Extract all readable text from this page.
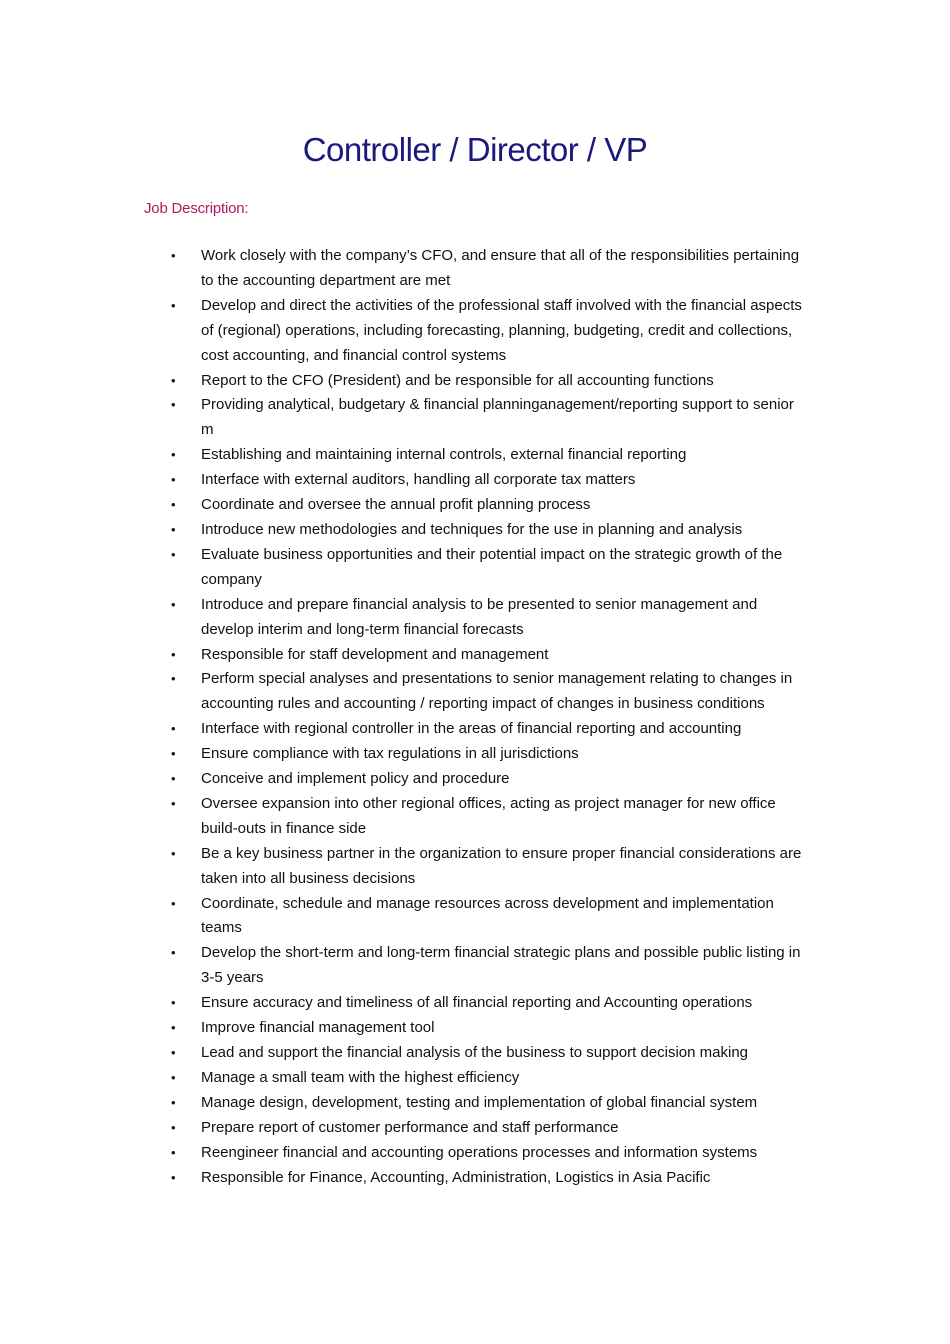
Controller / Director / VP
Job Description:
• Work closely with the company’s CFO, and ensure that all of the responsibilities pertaining to the accounting department are met
• Develop and direct the activities of the professional staff involved with the financial aspects of (regional) operations, including forecasting, planning, budgeting, credit and collections, cost accounting, and financial control systems
• Report to the CFO (President) and be responsible for all accounting functions
• Providing analytical, budgetary & financial planninganagement/reporting support to senior m
• Establishing and maintaining internal controls, external financial reporting
• Interface with external auditors, handling all corporate tax matters
• Coordinate and oversee the annual profit planning process
• Introduce new methodologies and techniques for the use in planning and analysis
• Evaluate business opportunities and their potential impact on the strategic growth of the company
• Introduce and prepare financial analysis to be presented to senior management and develop interim and long-term financial forecasts
• Responsible for staff development and management
• Perform special analyses and presentations to senior management relating to changes in accounting rules and accounting / reporting impact of changes in business conditions
• Interface with regional controller in the areas of financial reporting and accounting
• Ensure compliance with tax regulations in all jurisdictions
• Conceive and implement policy and procedure
• Oversee expansion into other regional offices, acting as project manager for new office build-outs in finance side
• Be a key business partner in the organization to ensure proper financial considerations are taken into all business decisions
• Coordinate, schedule and manage resources across development and implementation teams
• Develop the short-term and long-term financial strategic plans and possible public listing in 3-5 years
• Ensure accuracy and timeliness of all financial reporting and Accounting operations
• Improve financial management tool
• Lead and support the financial analysis of the business to support decision making
• Manage a small team with the highest efficiency
• Manage design, development, testing and implementation of global financial system
• Prepare report of customer performance and staff performance
• Reengineer financial and accounting operations processes and information systems
• Responsible for Finance, Accounting, Administration, Logistics in Asia Pacific
